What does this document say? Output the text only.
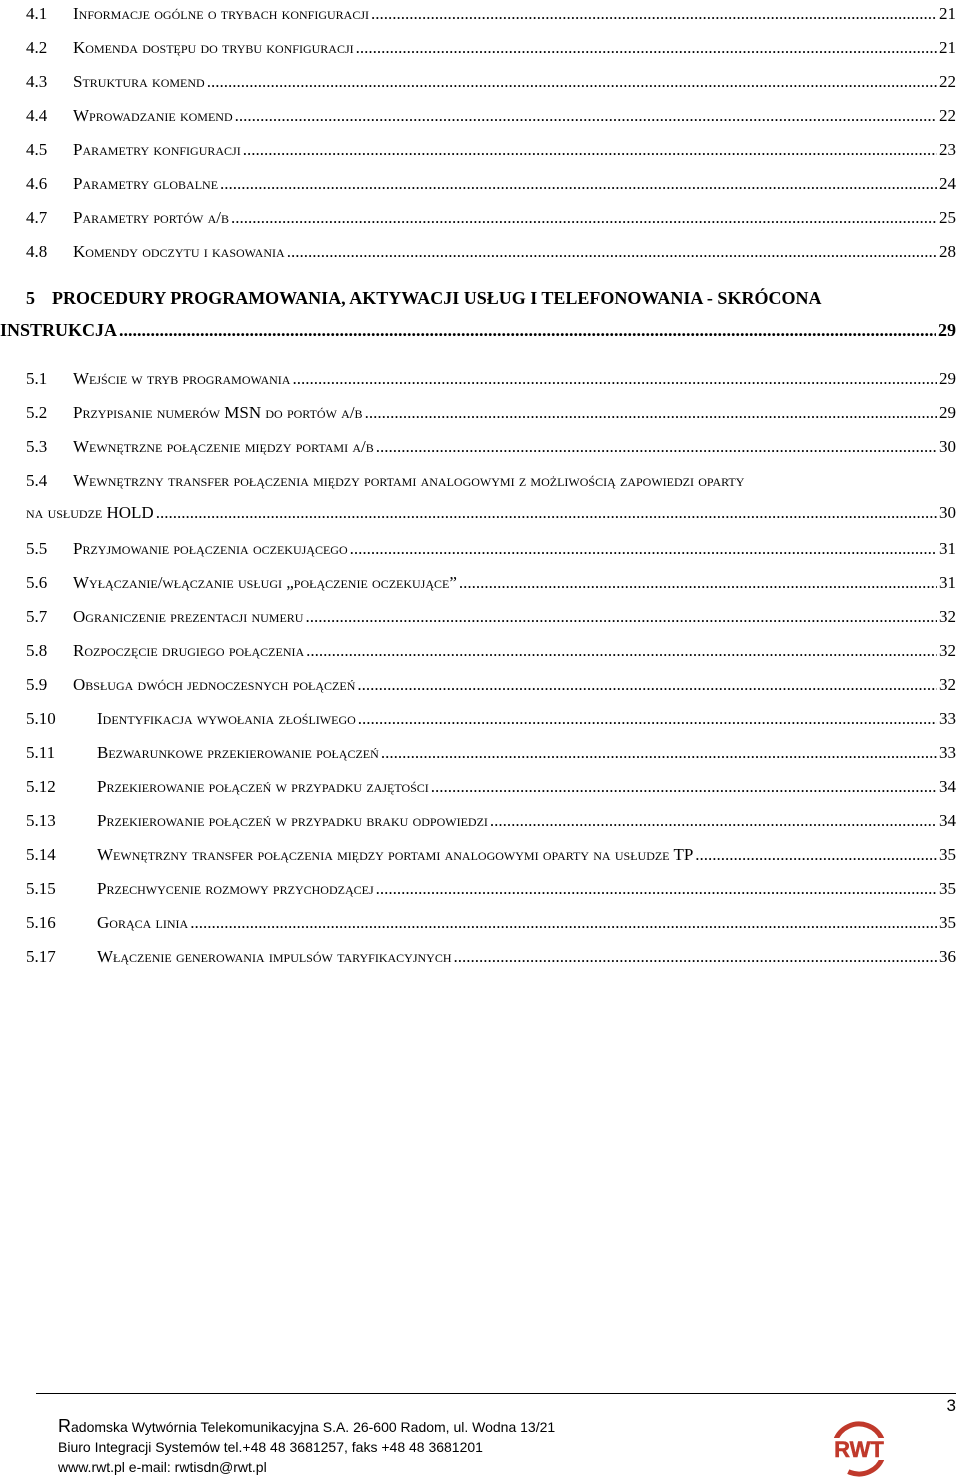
4.1	Informacje ogólne o trybach konfiguracji .....	21
4.2	Komenda dostępu do trybu konfiguracji .....	21
4.3	Struktura komend .....	22
4.4	Wprowadzanie komend .....	22
4.5	Parametry konfiguracji .....	23
4.6	Parametry globalne .....	24
4.7	Parametry portów a/b .....	25
4.8	Komendy odczytu i kasowania .....	28
5 PROCEDURY PROGRAMOWANIA, AKTYWACJI USŁUG I TELEFONOWANIA - SKRÓCONA
INSTRUKCJA .....	29
5.1	Wejście w tryb programowania .....	29
5.2	Przypisanie numerów MSN do portów a/b .....	29
5.3	Wewnętrzne połączenie między portami a/b .....	30
5.4 Wewnętrzny transfer połączenia między portami analogowymi z możliwością zapowiedzi oparty
na usłudze HOLD .....	30
5.5	Przyjmowanie połączenia oczekującego .....	31
5.6	Wyłączanie/włączanie usługi „połączenie oczekujące” .....	31
5.7	Ograniczenie prezentacji numeru .....	32
5.8	Rozpoczęcie drugiego połączenia .....	32
5.9	Obsługa dwóch jednoczesnych połączeń .....	32
5.10	Identyfikacja wywołania złośliwego .....	33
5.11	Bezwarunkowe przekierowanie połączeń .....	33
5.12	Przekierowanie połączeń w przypadku zajętości .....	34
5.13	Przekierowanie połączeń w przypadku braku odpowiedzi .....	34
5.14	Wewnętrzny transfer połączenia między portami analogowymi oparty na usłudze TP .....	35
5.15	Przechwycenie rozmowy przychodzącej .....	35
5.16	Gorąca linia .....	35
5.17	Włączenie generowania impulsów taryfikacyjnych .....	36
3
Radomska Wytwórnia Telekomunikacyjna S.A. 26-600 Radom, ul. Wodna 13/21
Biuro Integracji Systemów tel.+48 48 3681257, faks +48 48 3681201
www.rwt.pl e-mail: rwtisdn@rwt.pl
RWT
